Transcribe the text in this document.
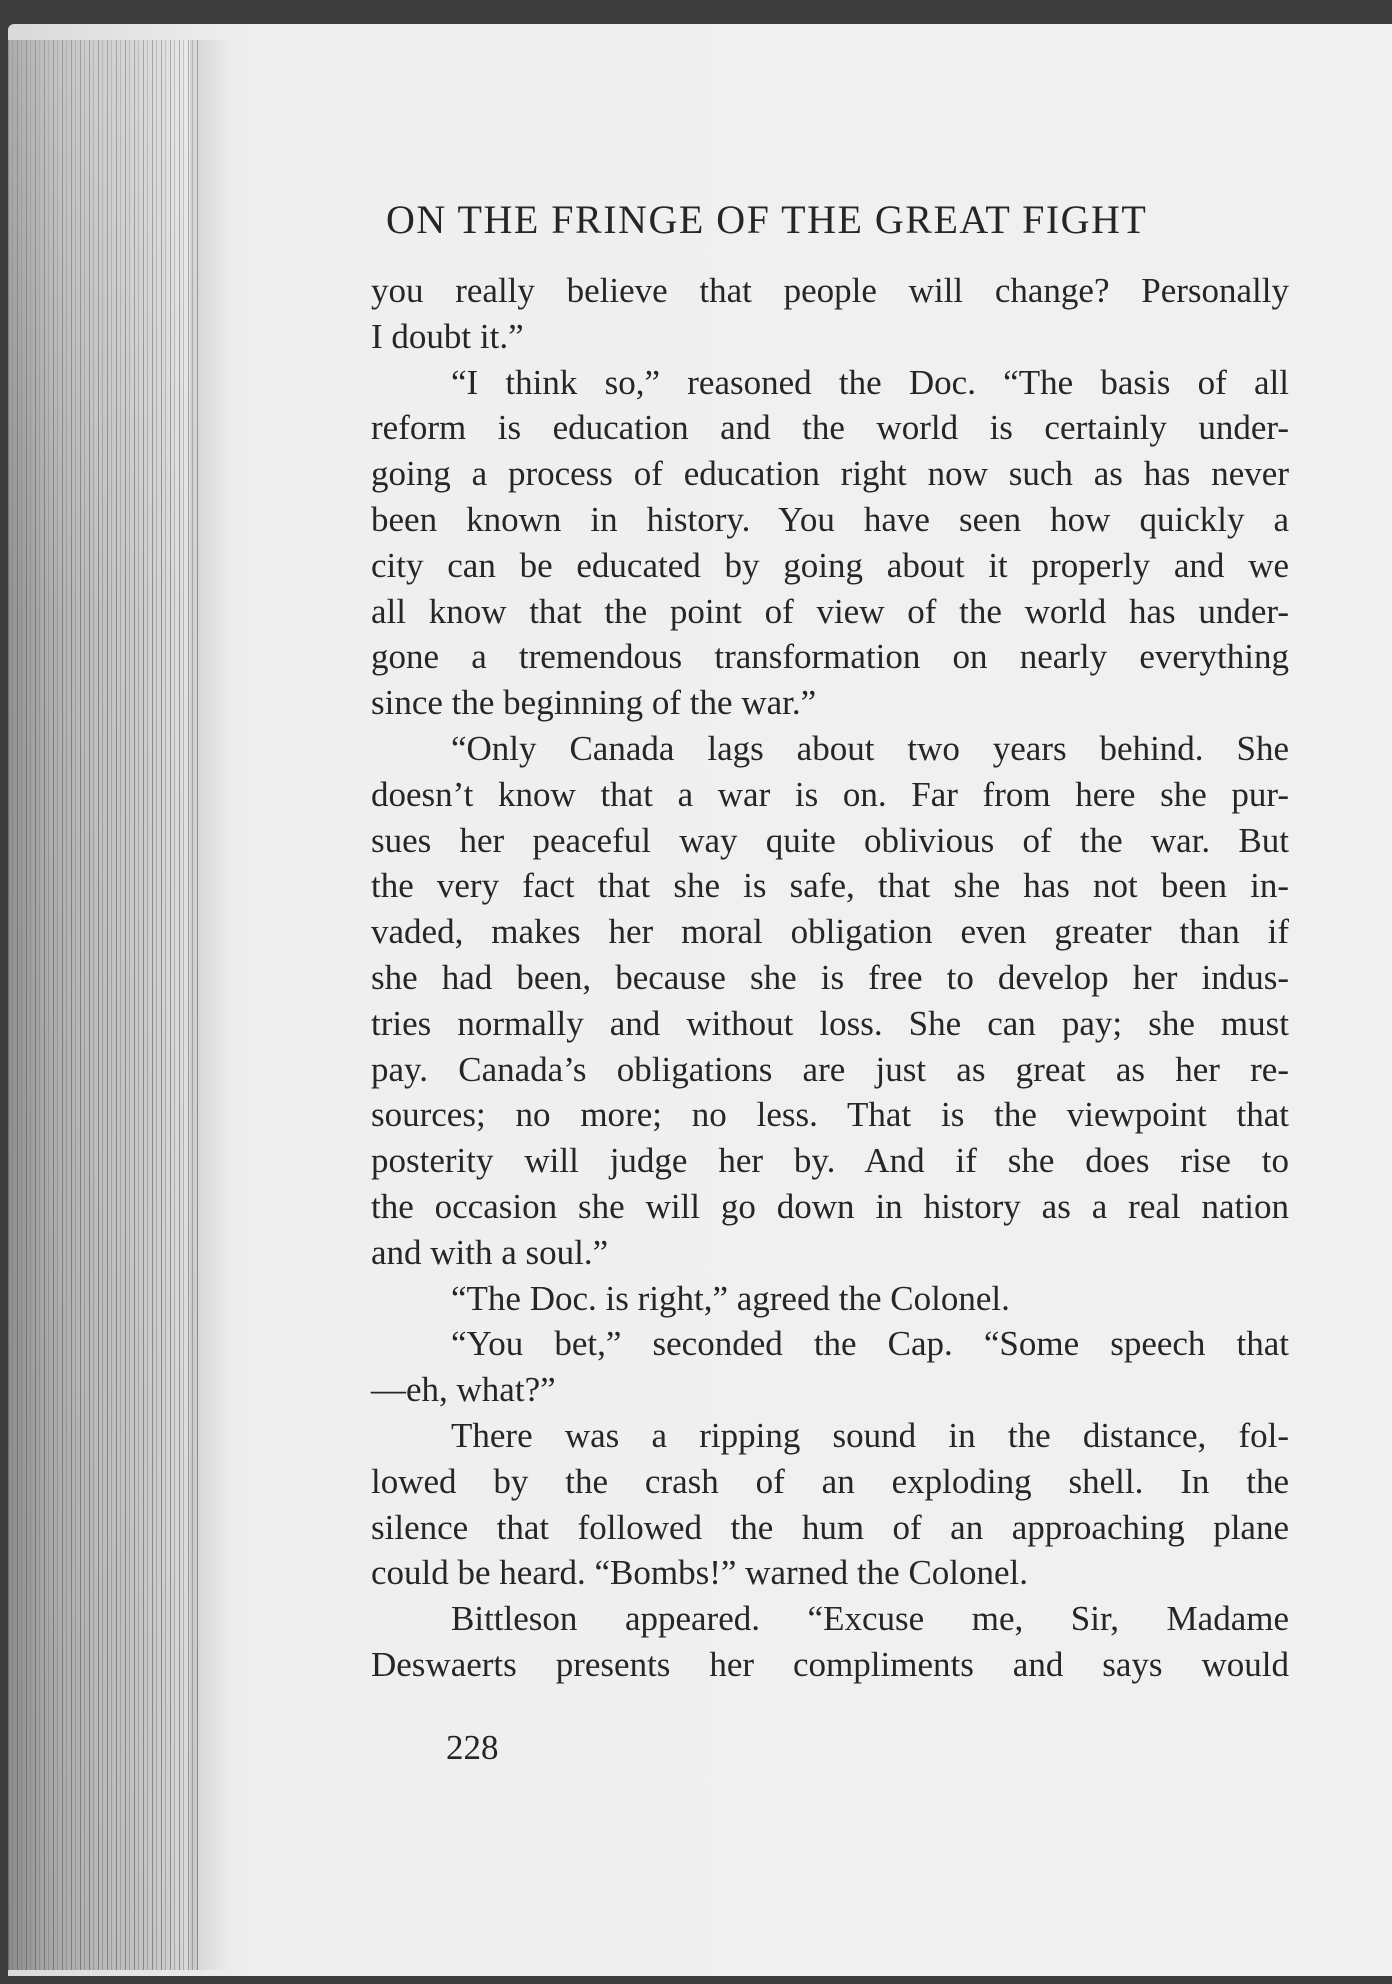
ON THE FRINGE OF THE GREAT FIGHT
you really believe that people will change? Personally
I doubt it.”
“I think so,” reasoned the Doc. “The basis of all
reform is education and the world is certainly under-
going a process of education right now such as has never
been known in history. You have seen how quickly a
city can be educated by going about it properly and we
all know that the point of view of the world has under-
gone a tremendous transformation on nearly everything
since the beginning of the war.”
“Only Canada lags about two years behind. She
doesn’t know that a war is on. Far from here she pur-
sues her peaceful way quite oblivious of the war. But
the very fact that she is safe, that she has not been in-
vaded, makes her moral obligation even greater than if
she had been, because she is free to develop her indus-
tries normally and without loss. She can pay; she must
pay. Canada’s obligations are just as great as her re-
sources; no more; no less. That is the viewpoint that
posterity will judge her by. And if she does rise to
the occasion she will go down in history as a real nation
and with a soul.”
“The Doc. is right,” agreed the Colonel.
“You bet,” seconded the Cap. “Some speech that
—eh, what?”
There was a ripping sound in the distance, fol-
lowed by the crash of an exploding shell. In the
silence that followed the hum of an approaching plane
could be heard. “Bombs!” warned the Colonel.
Bittleson appeared. “Excuse me, Sir, Madame
Deswaerts presents her compliments and says would
228
